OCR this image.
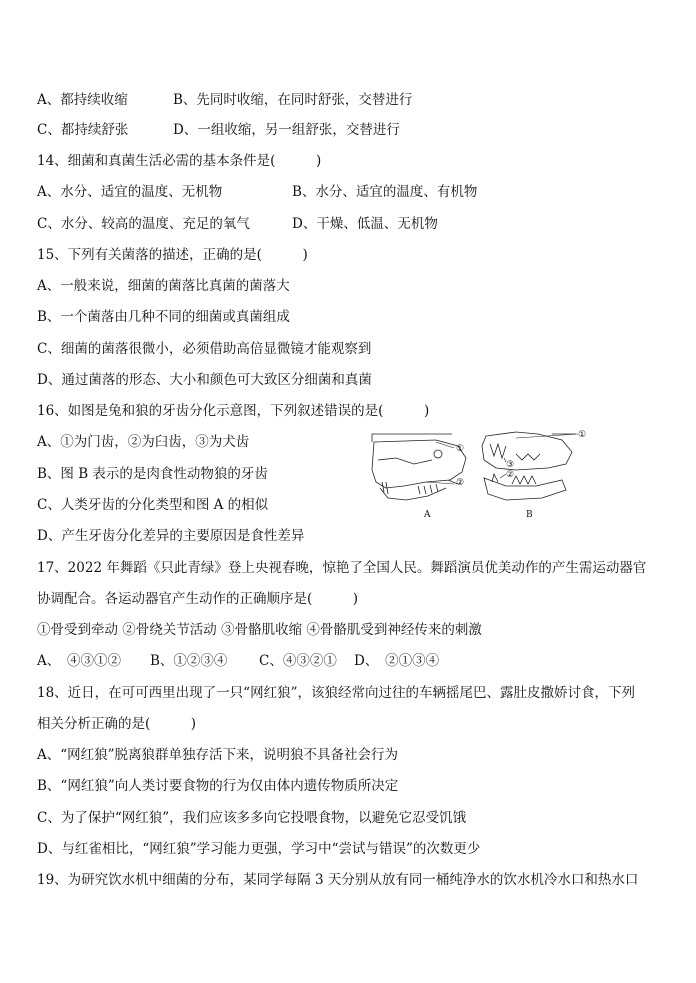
A、都持续收缩	B、先同时收缩，在同时舒张，交替进行
C、都持续舒张	D、一组收缩，另一组舒张，交替进行
14、细菌和真菌生活必需的基本条件是(　　　)
A、水分、适宜的温度、无机物	B、水分、适宜的温度、有机物
C、水分、较高的温度、充足的氧气	D、干燥、低温、无机物
15、下列有关菌落的描述，正确的是(　　　)
A、一般来说，细菌的菌落比真菌的菌落大
B、一个菌落由几种不同的细菌或真菌组成
C、细菌的菌落很微小，必须借助高倍显微镜才能观察到
D、通过菌落的形态、大小和颜色可大致区分细菌和真菌
16、如图是兔和狼的牙齿分化示意图，下列叙述错误的是(　　　)
A、①为门齿，②为臼齿，③为犬齿
B、图 B 表示的是肉食性动物狼的牙齿
C、人类牙齿的分化类型和图 A 的相似
D、产生牙齿分化差异的主要原因是食性差异
①
②
①
③
②
A	B
17、2022 年舞蹈《只此青绿》登上央视春晚，惊艳了全国人民。舞蹈演员优美动作的产生需运动器官
协调配合。各运动器官产生动作的正确顺序是(　　　)
①骨受到牵动 ②骨绕关节活动 ③骨骼肌收缩 ④骨骼肌受到神经传来的刺激
A、　④③①② B、①②③④ C、④③②① D、　②①③④
18、近日，在可可西里出现了一只“网红狼”，该狼经常向过往的车辆摇尾巴、露肚皮撒娇讨食，下列
相关分析正确的是(　　　)
A、“网红狼”脱离狼群单独存活下来，说明狼不具备社会行为
B、“网红狼”向人类讨要食物的行为仅由体内遗传物质所决定
C、为了保护“网红狼”，我们应该多多向它投喂食物，以避免它忍受饥饿
D、与红雀相比，“网红狼”学习能力更强，学习中“尝试与错误”的次数更少
19、为研究饮水机中细菌的分布，某同学每隔 3 天分别从放有同一桶纯净水的饮水机冷水口和热水口
